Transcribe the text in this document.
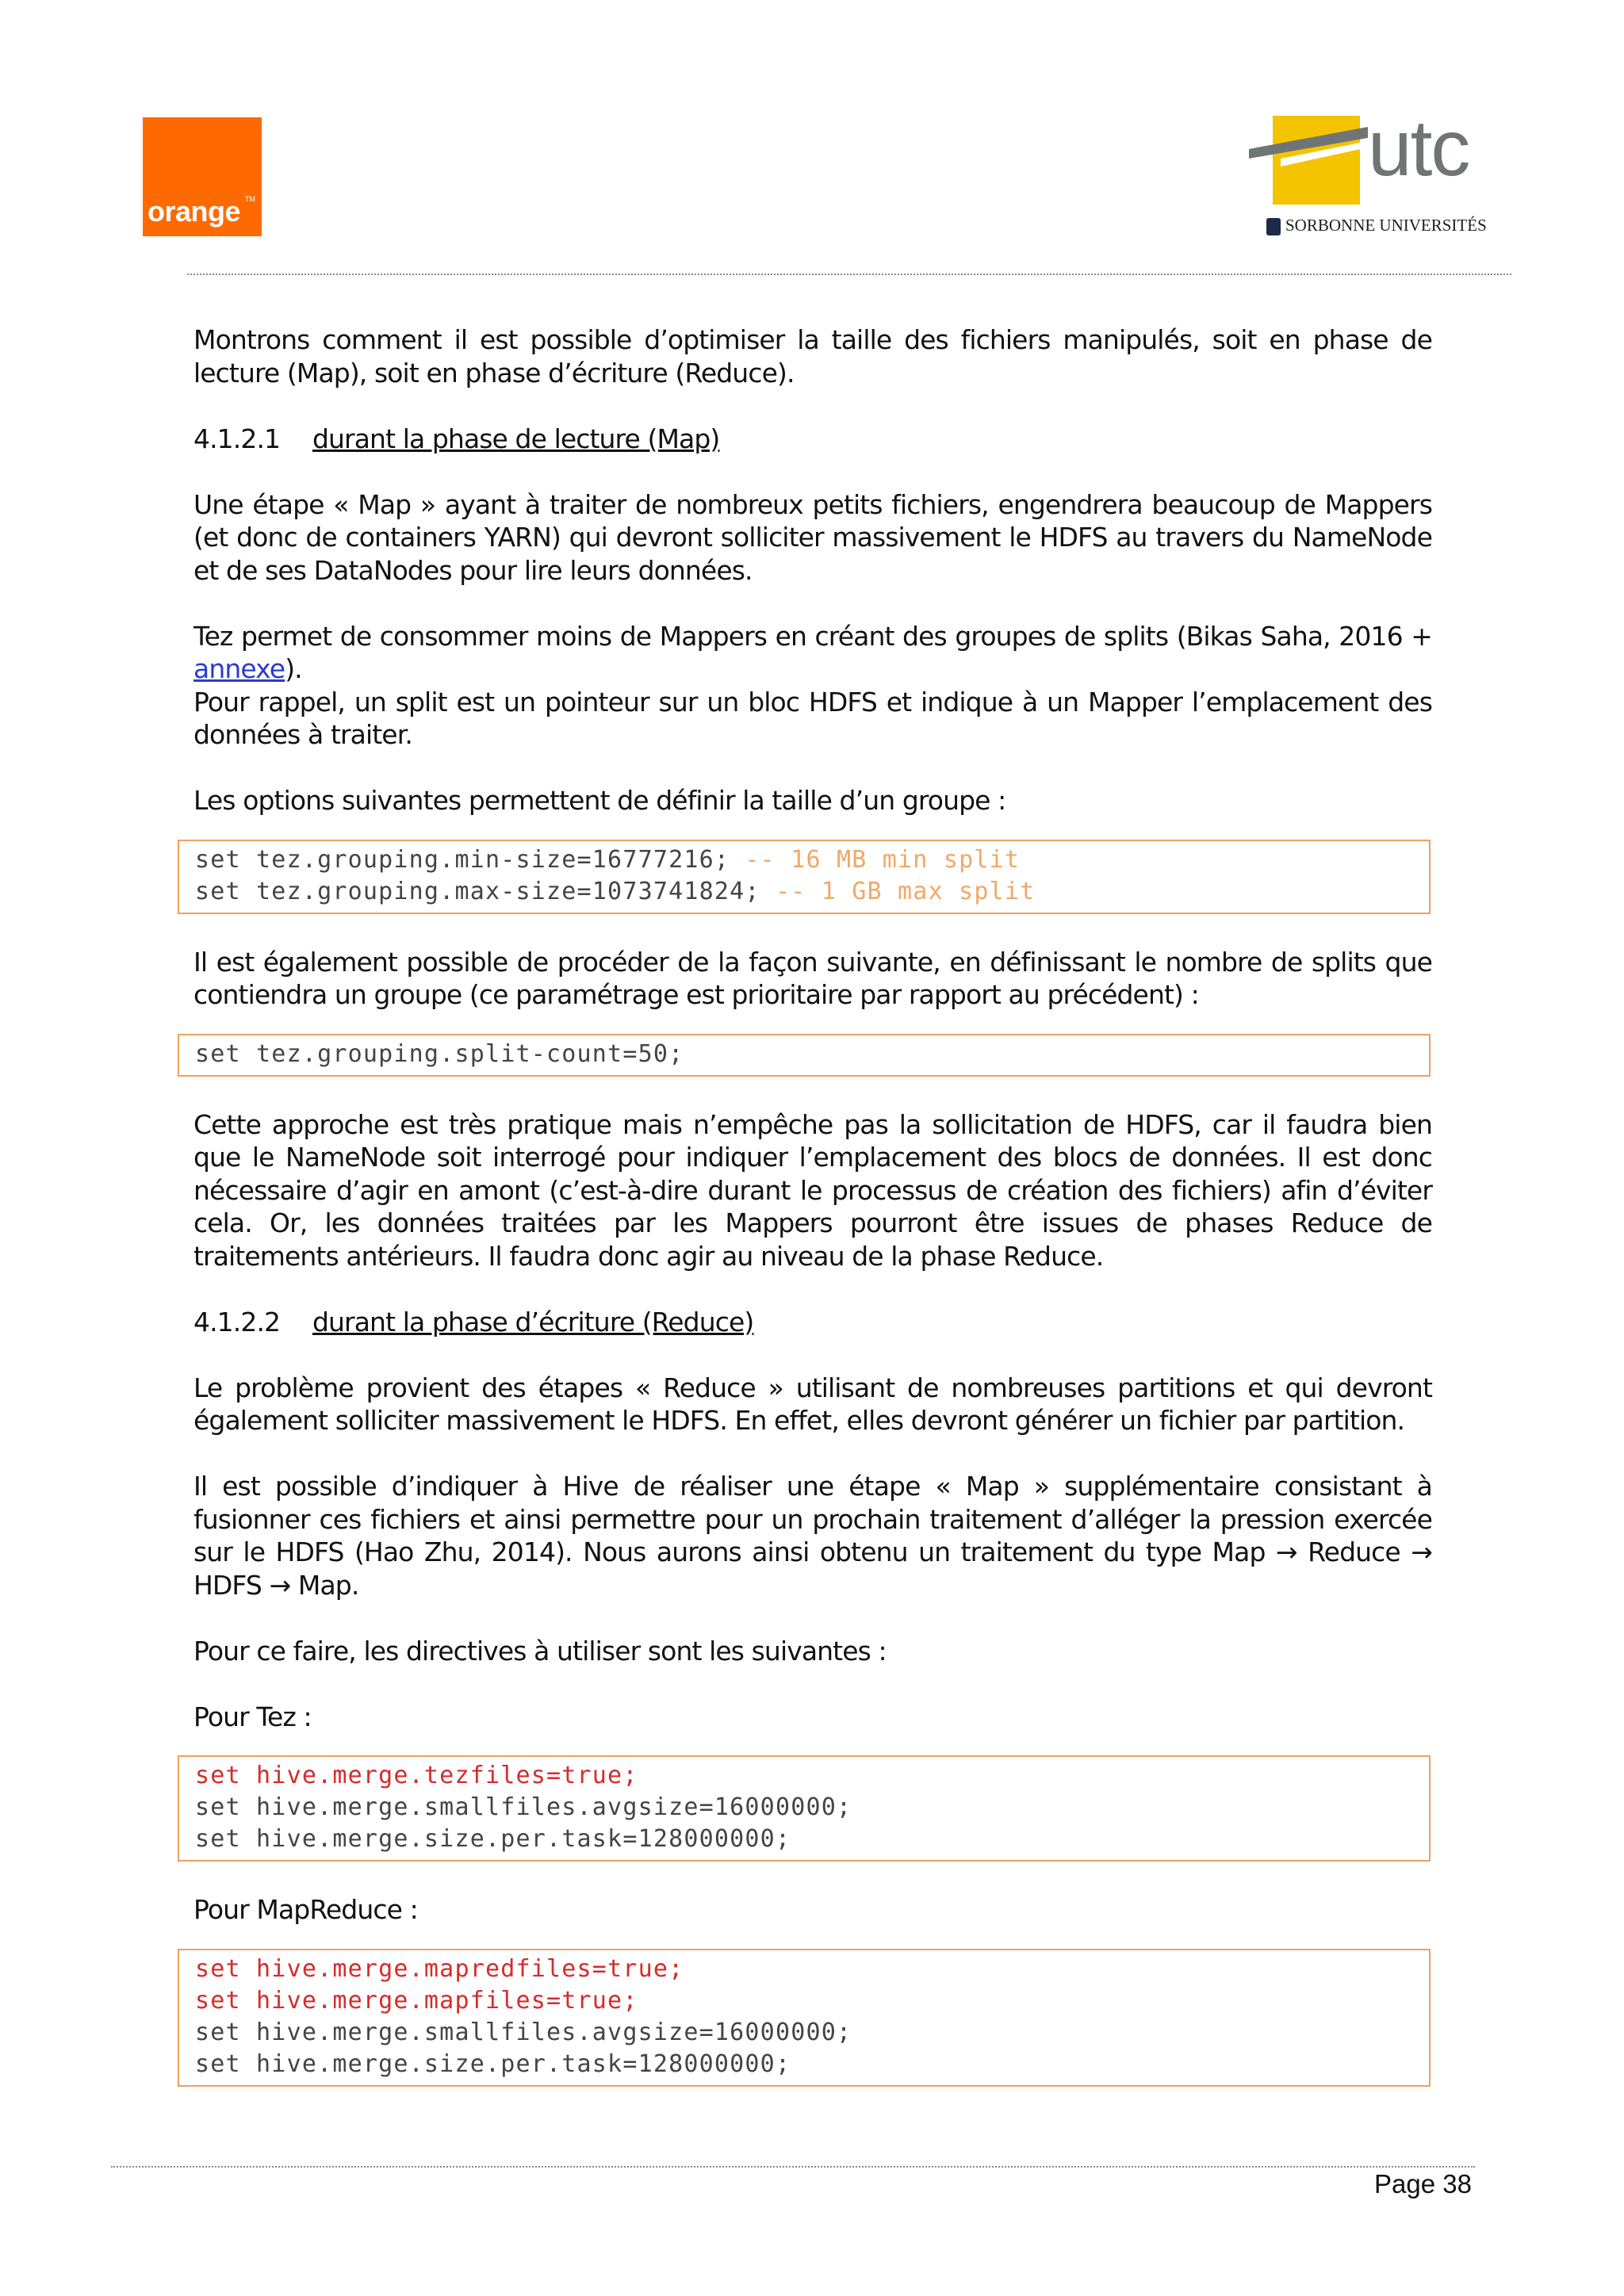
orange TM
utc
SORBONNE UNIVERSITÉS

Montrons comment il est possible d’optimiser la taille des fichiers manipulés, soit en phase de lecture (Map), soit en phase d’écriture (Reduce).

4.1.2.1 durant la phase de lecture (Map)

Une étape « Map » ayant à traiter de nombreux petits fichiers, engendrera beaucoup de Mappers (et donc de containers YARN) qui devront solliciter massivement le HDFS au travers du NameNode et de ses DataNodes pour lire leurs données.

Tez permet de consommer moins de Mappers en créant des groupes de splits (Bikas Saha, 2016 + annexe).

Pour rappel, un split est un pointeur sur un bloc HDFS et indique à un Mapper l’emplacement des données à traiter.

Les options suivantes permettent de définir la taille d’un groupe :

set tez.grouping.min-size=16777216; -- 16 MB min split
set tez.grouping.max-size=1073741824; -- 1 GB max split

Il est également possible de procéder de la façon suivante, en définissant le nombre de splits que contiendra un groupe (ce paramétrage est prioritaire par rapport au précédent) :

set tez.grouping.split-count=50;

Cette approche est très pratique mais n’empêche pas la sollicitation de HDFS, car il faudra bien que le NameNode soit interrogé pour indiquer l’emplacement des blocs de données. Il est donc nécessaire d’agir en amont (c’est-à-dire durant le processus de création des fichiers) afin d’éviter cela. Or, les données traitées par les Mappers pourront être issues de phases Reduce de traitements antérieurs. Il faudra donc agir au niveau de la phase Reduce.

4.1.2.2 durant la phase d’écriture (Reduce)

Le problème provient des étapes « Reduce » utilisant de nombreuses partitions et qui devront également solliciter massivement le HDFS. En effet, elles devront générer un fichier par partition.

Il est possible d’indiquer à Hive de réaliser une étape « Map » supplémentaire consistant à fusionner ces fichiers et ainsi permettre pour un prochain traitement d’alléger la pression exercée sur le HDFS (Hao Zhu, 2014). Nous aurons ainsi obtenu un traitement du type Map → Reduce → HDFS → Map.

Pour ce faire, les directives à utiliser sont les suivantes :

Pour Tez :

set hive.merge.tezfiles=true;
set hive.merge.smallfiles.avgsize=16000000;
set hive.merge.size.per.task=128000000;

Pour MapReduce :

set hive.merge.mapredfiles=true;
set hive.merge.mapfiles=true;
set hive.merge.smallfiles.avgsize=16000000;
set hive.merge.size.per.task=128000000;
Page 38
